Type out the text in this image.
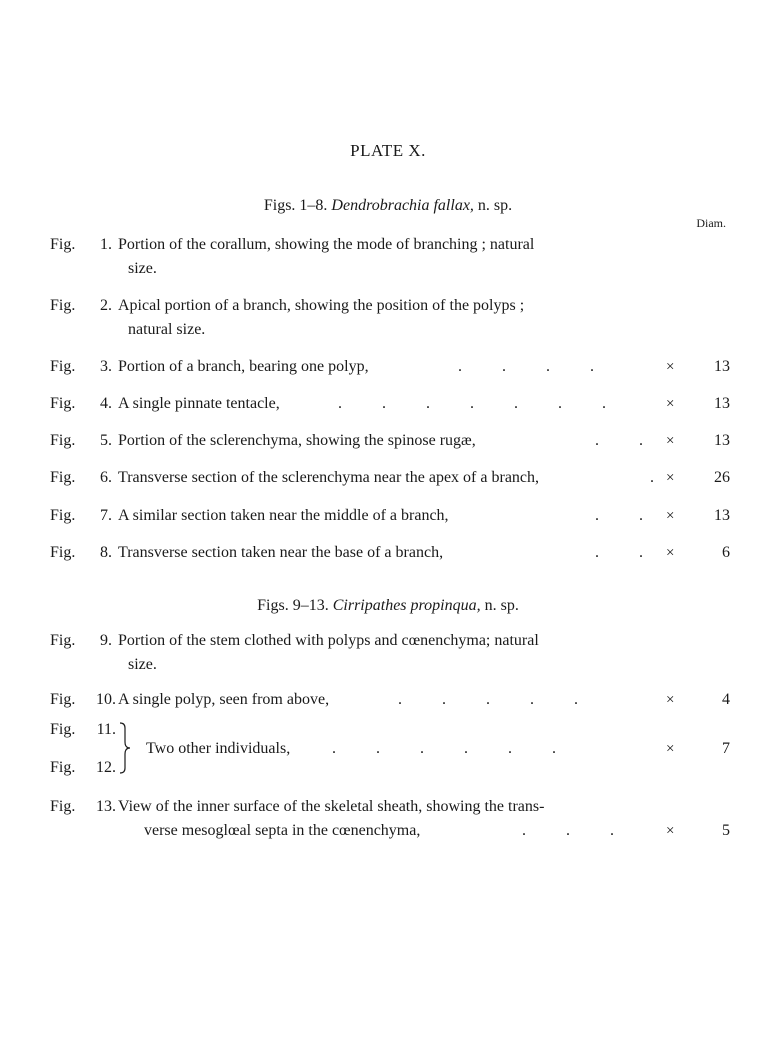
PLATE X.
Figs. 1–8. Dendrobrachia fallax, n. sp.
Diam.
Fig.	1. Portion of the corallum, showing the mode of branching ; natural
size.
Fig.	2. Apical portion of a branch, showing the position of the polyps ;
natural size.
Fig.	3. Portion of a branch, bearing one polyp,	.          .          .          .	×	13
Fig.	4. A single pinnate tentacle,	.          .          .          .          .          .          .	×	13
Fig.	5. Portion of the sclerenchyma, showing the spinose rugæ,	.          . ×	13
Fig.	6. Transverse section of the sclerenchyma near the apex of a branch,	. ×	26
Fig.	7. A similar section taken near the middle of a branch,	.          . ×	13
Fig.	8. Transverse section taken near the base of a branch,	.          . ×	6
Figs. 9–13. Cirripathes propinqua, n. sp.
Fig.	9. Portion of the stem clothed with polyps and cœnenchyma; natural
size.
Fig.	10. A single polyp, seen from above,	.          .          .          .          .	×	4
Fig.	11.
Fig.	12.
Two other individuals,	.          .          .          .          .          .	×	7
Fig.	13. View of the inner surface of the skeletal sheath, showing the trans-
verse mesoglœal septa in the cœnenchyma,	.          .          .	×	5
